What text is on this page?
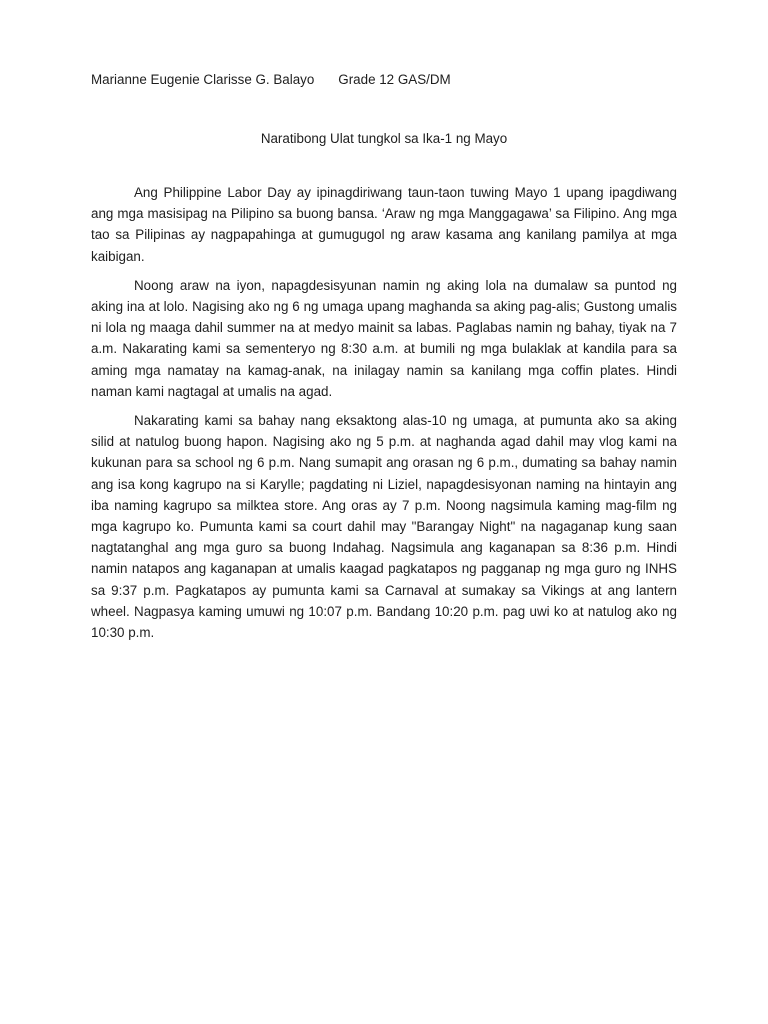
Marianne Eugenie Clarisse G. Balayo Grade 12 GAS/DM
Naratibong Ulat tungkol sa Ika-1 ng Mayo

Ang Philippine Labor Day ay ipinagdiriwang taun-taon tuwing Mayo 1 upang ipagdiwang ang mga masisipag na Pilipino sa buong bansa. ‘Araw ng mga Manggagawa’ sa Filipino. Ang mga tao sa Pilipinas ay nagpapahinga at gumugugol ng araw kasama ang kanilang pamilya at mga kaibigan.

Noong araw na iyon, napagdesisyunan namin ng aking lola na dumalaw sa puntod ng aking ina at lolo. Nagising ako ng 6 ng umaga upang maghanda sa aking pag-alis; Gustong umalis ni lola ng maaga dahil summer na at medyo mainit sa labas. Paglabas namin ng bahay, tiyak na 7 a.m. Nakarating kami sa sementeryo ng 8:30 a.m. at bumili ng mga bulaklak at kandila para sa aming mga namatay na kamag-anak, na inilagay namin sa kanilang mga coffin plates. Hindi naman kami nagtagal at umalis na agad.

Nakarating kami sa bahay nang eksaktong alas-10 ng umaga, at pumunta ako sa aking silid at natulog buong hapon. Nagising ako ng 5 p.m. at naghanda agad dahil may vlog kami na kukunan para sa school ng 6 p.m. Nang sumapit ang orasan ng 6 p.m., dumating sa bahay namin ang isa kong kagrupo na si Karylle; pagdating ni Liziel, napagdesisyonan naming na hintayin ang iba naming kagrupo sa milktea store. Ang oras ay 7 p.m. Noong nagsimula kaming mag-film ng mga kagrupo ko. Pumunta kami sa court dahil may "Barangay Night" na nagaganap kung saan nagtatanghal ang mga guro sa buong Indahag. Nagsimula ang kaganapan sa 8:36 p.m. Hindi namin natapos ang kaganapan at umalis kaagad pagkatapos ng pagganap ng mga guro ng INHS sa 9:37 p.m. Pagkatapos ay pumunta kami sa Carnaval at sumakay sa Vikings at ang lantern wheel. Nagpasya kaming umuwi ng 10:07 p.m. Bandang 10:20 p.m. pag uwi ko at natulog ako ng 10:30 p.m.
